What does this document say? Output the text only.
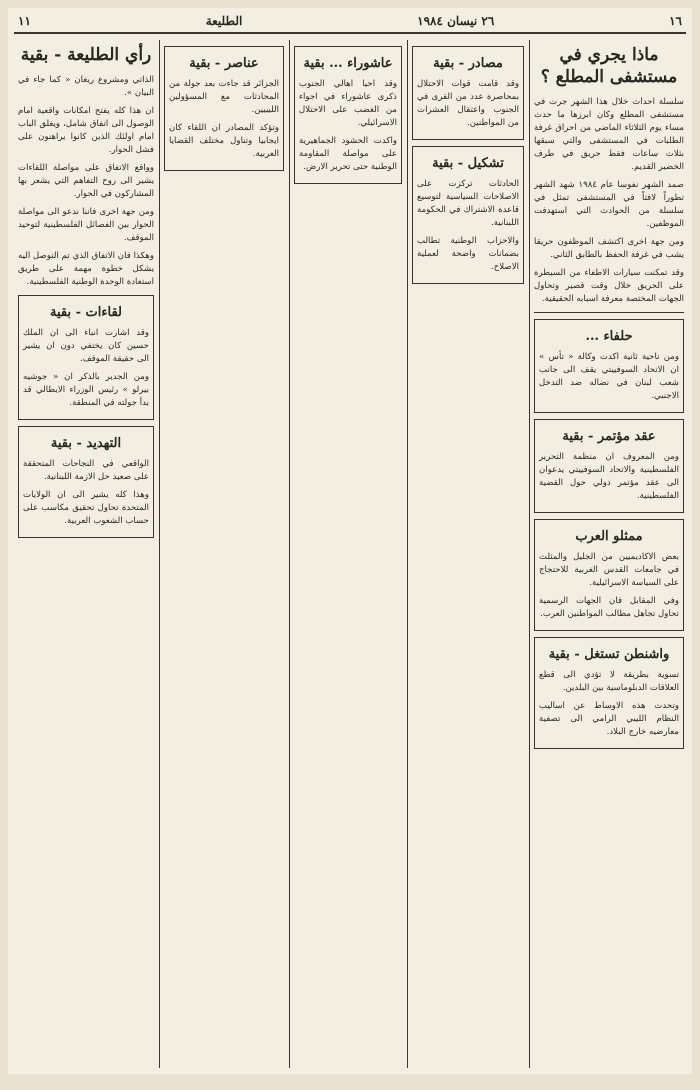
١٦
٢٦ نيسان ١٩٨٤
الطليعة
١١
ماذا يجري في مستشفى المطلع ؟

سلسلة احداث خلال هذا الشهر جرت في مستشفى المطلع وكان ابرزها ما حدث مساء يوم الثلاثاء الماضي من احراق غرفة الطلبات في المستشفى والتي سبقها بثلاث ساعات فقط حريق في طرف الخضير القديم.

صمد الشهر نفوسا عام ١٩٨٤ شهد الشهر تطوراً لافتاً في المستشفى تمثل في سلسلة من الحوادث التي استهدفت الموظفين.

ومن جهة اخرى اكتشف الموظفون حريقا يشب في غرفة الحفظ بالطابق الثاني.

وقد تمكنت سيارات الاطفاء من السيطرة على الحريق خلال وقت قصير وتحاول الجهات المختصة معرفة اسبابه الحقيقية.

حلفاء ...

ومن ناحية ثانية اكدت وكالة « تأس » ان الاتحاد السوفييتي يقف الى جانب شعب لبنان في نضاله ضد التدخل الاجنبي.

عقد مؤتمر - بقية

ومن المعروف ان منظمة التحرير الفلسطينية والاتحاد السوفييتي يدعوان الى عقد مؤتمر دولي حول القضية الفلسطينية.

ممثلو العرب

بعض الاكاديميين من الجليل والمثلث في جامعات القدس الغربية للاحتجاج على السياسة الاسرائيلية.

وفي المقابل فان الجهات الرسمية تحاول تجاهل مطالب المواطنين العرب.

واشنطن تستغل - بقية

تسوية بطريقة لا تؤدي الى قطع العلاقات الدبلوماسية بين البلدين.

وتحدث هذه الاوساط عن اساليب النظام الليبي الرامي الى تصفية معارضيه خارج البلاد.

مصادر - بقية

وقد قامت قوات الاحتلال بمحاصرة عدد من القرى في الجنوب واعتقال العشرات من المواطنين.

تشكيل - بقية

الحادثات تركزت على الاصلاحات السياسية لتوسيع قاعدة الاشتراك في الحكومة اللبنانية.

والاحزاب الوطنية تطالب بضمانات واضحة لعملية الاصلاح.

عاشوراء ... بقية

وقد احيا اهالي الجنوب ذكرى عاشوراء في اجواء من الغضب على الاحتلال الاسرائيلي.

واكدت الحشود الجماهيرية على مواصلة المقاومة الوطنية حتى تحرير الارض.

عناصر - بقية

الجزائر قد جاءت بعد جولة من المحادثات مع المسؤولين الليبيين.

وتؤكد المصادر ان اللقاء كان ايجابيا وتناول مختلف القضايا العربية.

رأي الطليعة - بقية

الذاتي ومشروع ريغان « كما جاء في البيان ».

ان هذا كله يفتح امكانات واقعية امام الوصول الى اتفاق شامل، ويغلق الباب امام اولئك الذين كانوا يراهنون على فشل الحوار.

وواقع الاتفاق على مواصلة اللقاءات يشير الى روح التفاهم التي يشعر بها المشاركون في الحوار.

ومن جهة اخرى فاننا ندعو الى مواصلة الحوار بين الفصائل الفلسطينية لتوحيد الموقف.

وهكذا فان الاتفاق الذي تم التوصل اليه يشكل خطوة مهمة على طريق استعادة الوحدة الوطنية الفلسطينية.

لقاءات - بقية

وقد اشارت انباء الى ان الملك حسين كان يختفي دون ان يشير الى حقيقة الموقف.

ومن الجدير بالذكر ان « جوشيه بيرلو » رئيس الوزراء الايطالي قد بدأ جولته في المنطقة.

التهديد - بقية

الواقعي في النجاحات المتحققة على صعيد حل الازمة اللبنانية.

وهذا كله يشير الى ان الولايات المتحدة تحاول تحقيق مكاسب على حساب الشعوب العربية.
